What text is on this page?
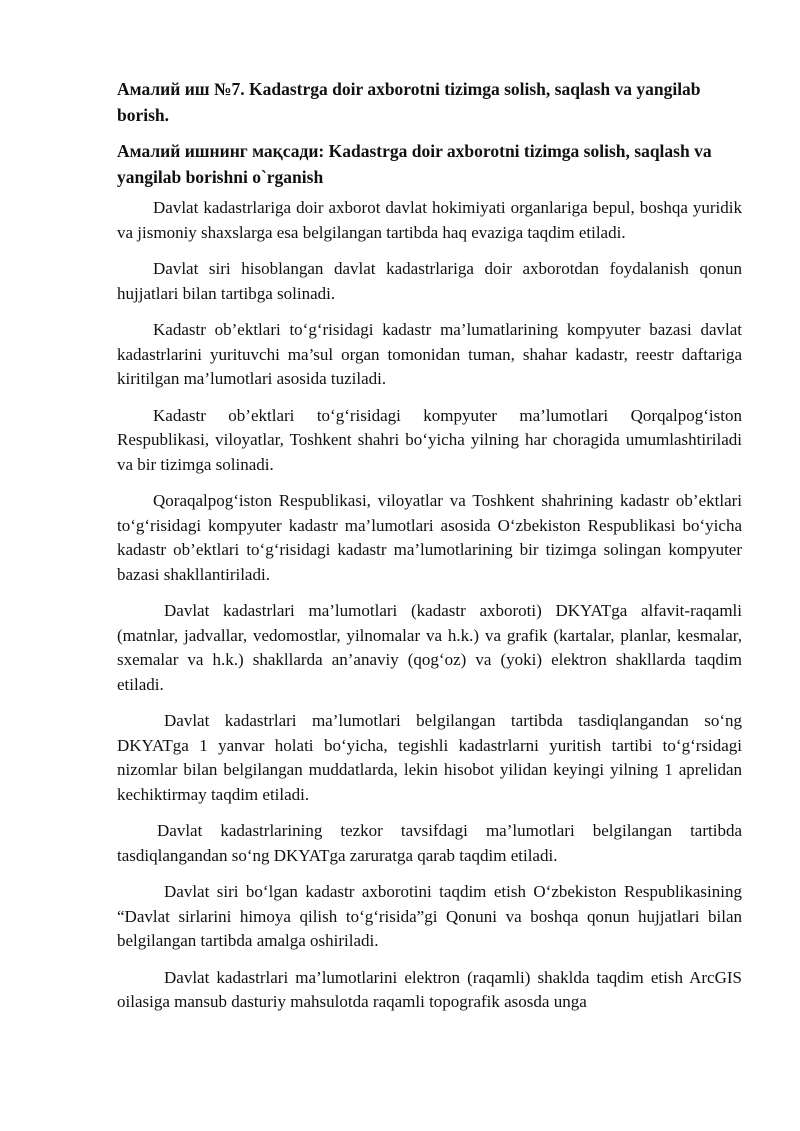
Амалий иш №7. Kadastrga doir axborotni tizimga solish, saqlash va yangilab borish.

Амалий ишнинг мақсади: Kadastrga doir axborotni tizimga solish, saqlash va yangilab borishni o`rganish

Davlat kadastrlariga doir axborot davlat hokimiyati organlariga bepul, boshqa yuridik va jismoniy shaxslarga esa belgilangan tartibda haq evaziga taqdim etiladi.

Davlat siri hisoblangan davlat kadastrlariga doir axborotdan foydalanish qonun hujjatlari bilan tartibga solinadi.

Kadastr ob’ektlari to‘g‘risidagi kadastr ma’lumatlarining kompyuter bazasi davlat kadastrlarini yurituvchi ma’sul organ tomonidan tuman, shahar kadastr, reestr daftariga kiritilgan ma’lumotlari asosida tuziladi.

Kadastr ob’ektlari to‘g‘risidagi kompyuter ma’lumotlari Qorqalpog‘iston Respublikasi, viloyatlar, Toshkent shahri bo‘yicha yilning har choragida umumlashtiriladi va bir tizimga solinadi.

Qoraqalpog‘iston Respublikasi, viloyatlar va Toshkent shahrining kadastr ob’ektlari to‘g‘risidagi kompyuter kadastr ma’lumotlari asosida O‘zbekiston Respublikasi bo‘yicha kadastr ob’ektlari to‘g‘risidagi kadastr ma’lumotlarining bir tizimga solingan kompyuter bazasi shakllantiriladi.

Davlat kadastrlari ma’lumotlari (kadastr axboroti) DKYATga alfavit-raqamli (matnlar, jadvallar, vedomostlar, yilnomalar va h.k.) va grafik (kartalar, planlar, kesmalar, sxemalar va h.k.) shakllarda an’anaviy (qog‘oz) va (yoki) elektron shakllarda taqdim etiladi.

Davlat kadastrlari ma’lumotlari belgilangan tartibda tasdiqlangandan so‘ng DKYATga 1 yanvar holati bo‘yicha, tegishli kadastrlarni yuritish tartibi to‘g‘rsidagi nizomlar bilan belgilangan muddatlarda, lekin hisobot yilidan keyingi yilning 1 aprelidan kechiktirmay taqdim etiladi.

Davlat kadastrlarining tezkor tavsifdagi ma’lumotlari belgilangan tartibda tasdiqlangandan so‘ng DKYATga zaruratga qarab taqdim etiladi.

Davlat siri bo‘lgan kadastr axborotini taqdim etish O‘zbekiston Respublikasining “Davlat sirlarini himoya qilish to‘g‘risida”gi Qonuni va boshqa qonun hujjatlari bilan belgilangan tartibda amalga oshiriladi.

Davlat kadastrlari ma’lumotlarini elektron (raqamli) shaklda taqdim etish ArcGIS oilasiga mansub dasturiy mahsulotda raqamli topografik asosda unga
